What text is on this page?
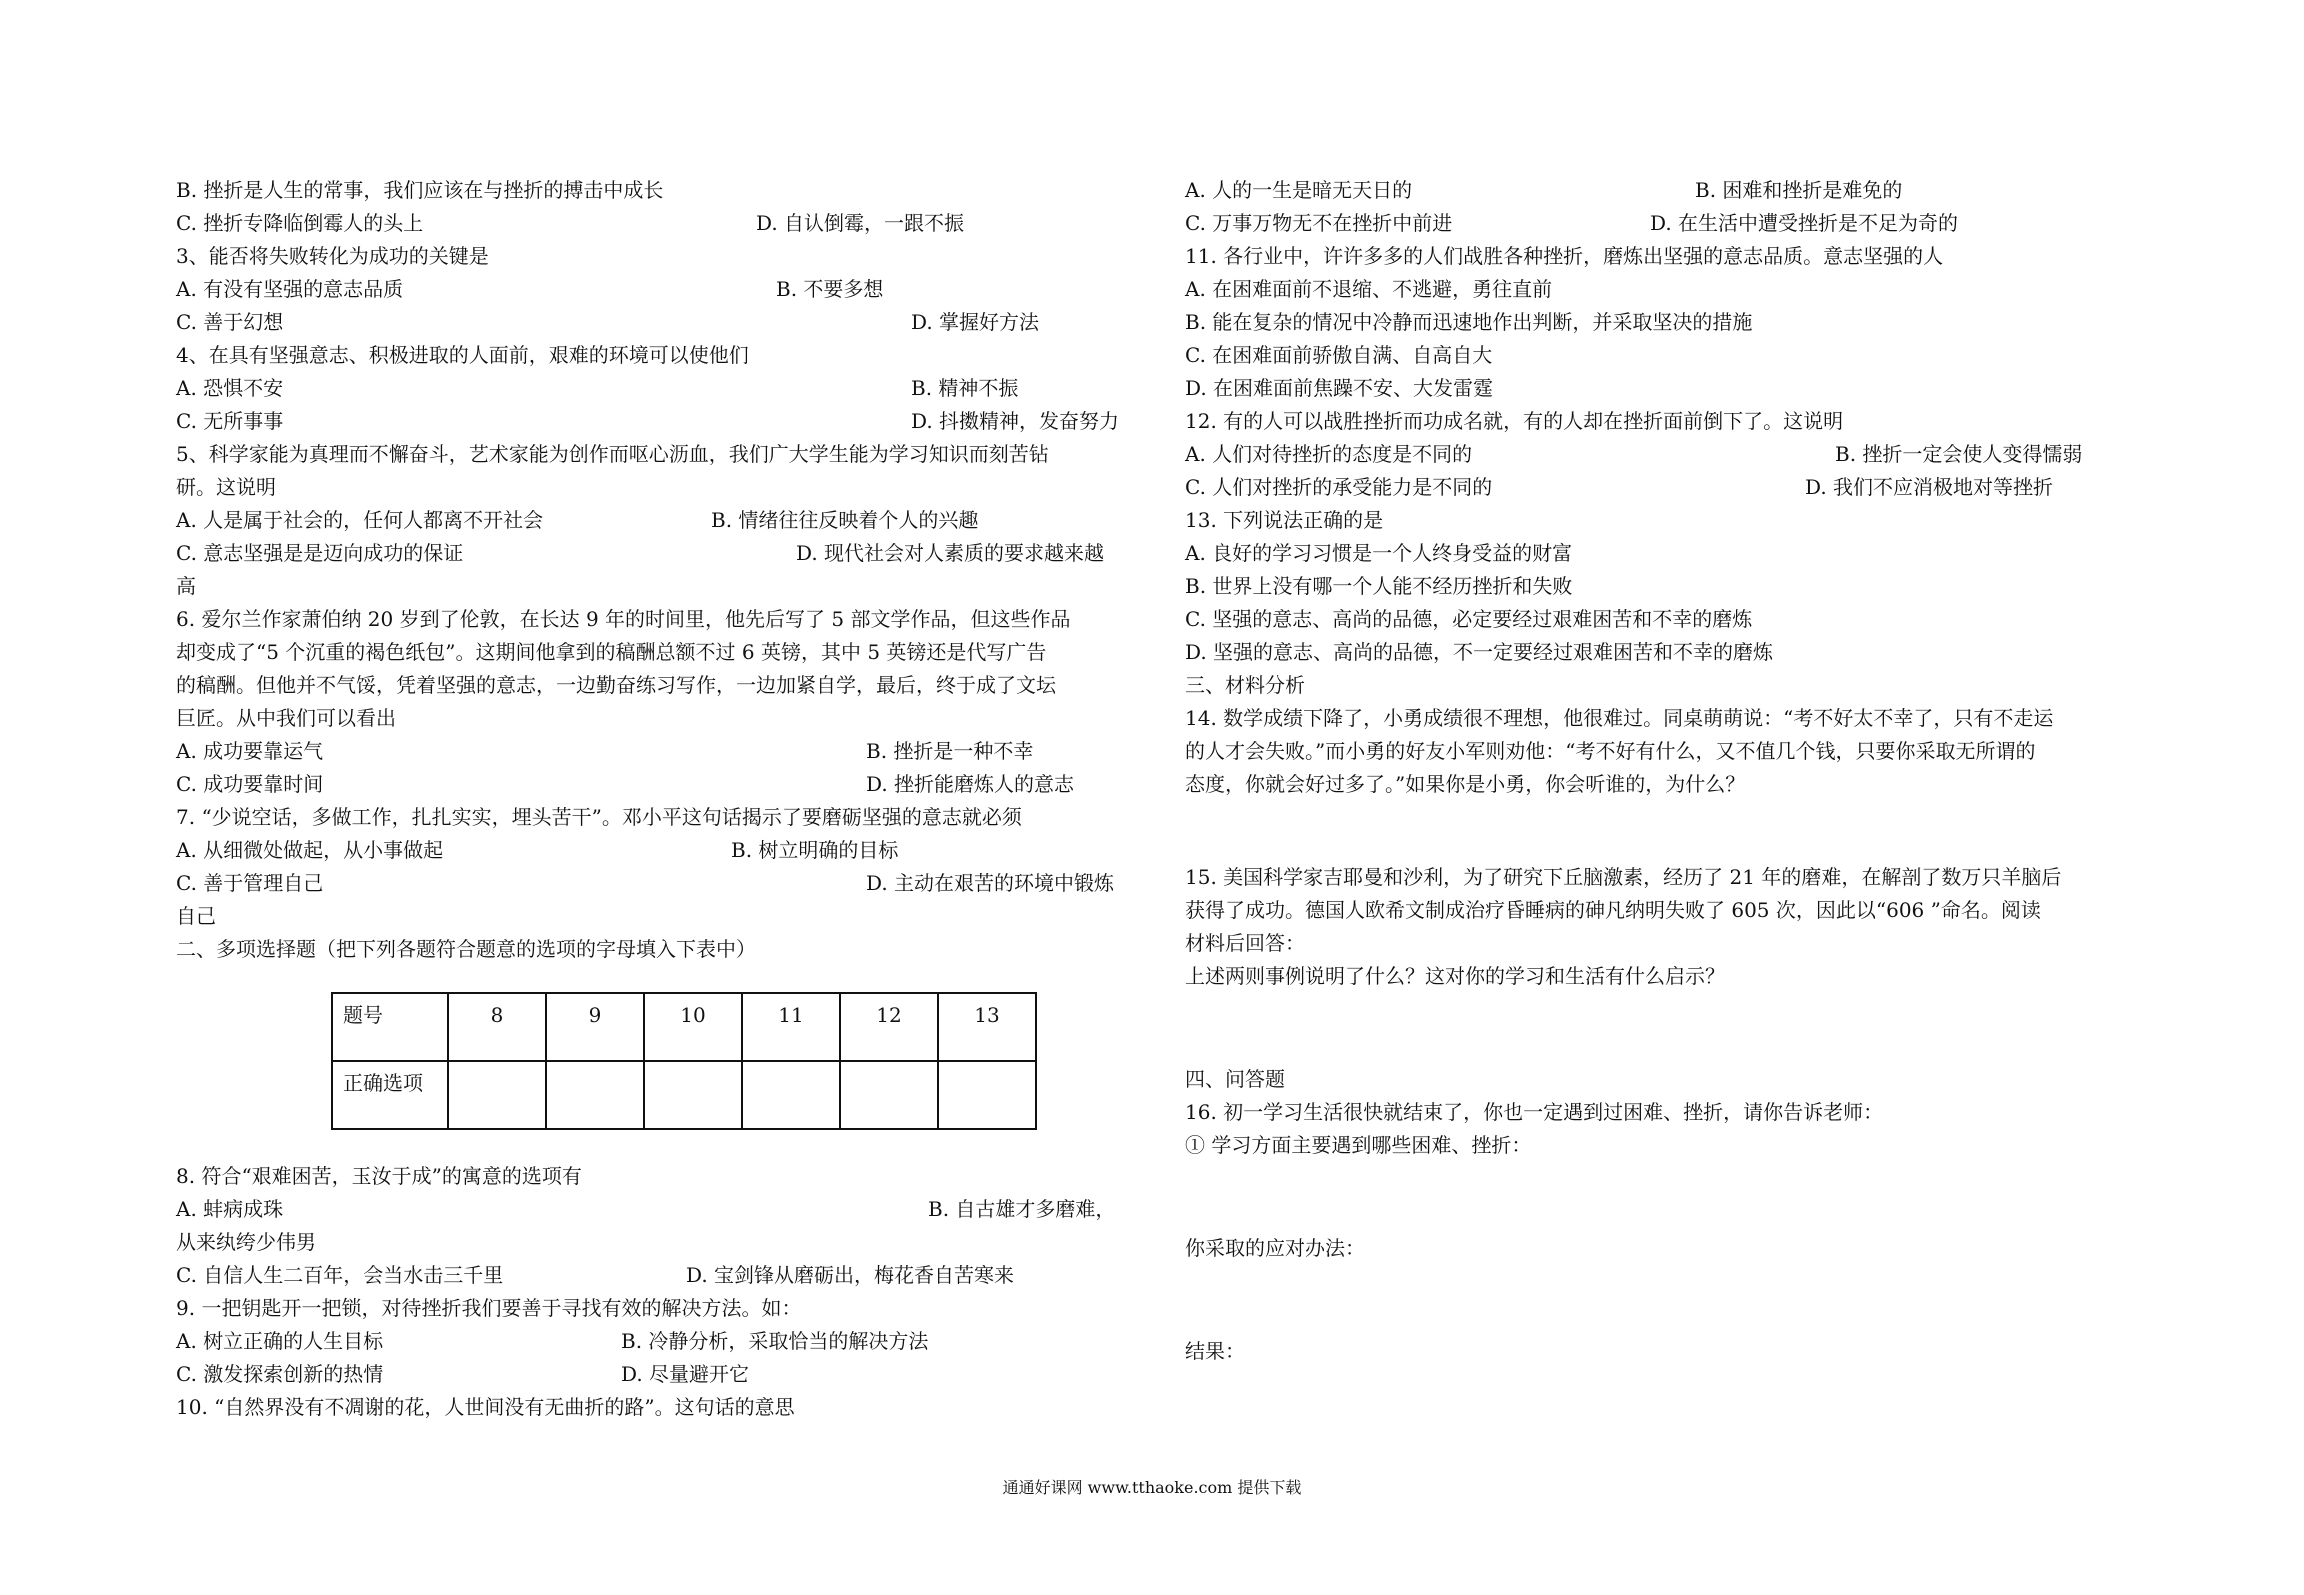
B. 挫折是人生的常事，我们应该在与挫折的搏击中成长
C. 挫折专降临倒霉人的头上	D. 自认倒霉，一跟不振
3、能否将失败转化为成功的关键是
A. 有没有坚强的意志品质	B. 不要多想
C. 善于幻想	D. 掌握好方法
4、在具有坚强意志、积极进取的人面前，艰难的环境可以使他们
A. 恐惧不安	B. 精神不振
C. 无所事事	D. 抖擞精神，发奋努力
5、科学家能为真理而不懈奋斗，艺术家能为创作而呕心沥血，我们广大学生能为学习知识而刻苦钻
研。这说明
A. 人是属于社会的，任何人都离不开社会	B. 情绪往往反映着个人的兴趣
C. 意志坚强是是迈向成功的保证	D. 现代社会对人素质的要求越来越
高
6. 爱尔兰作家萧伯纳 20 岁到了伦敦，在长达 9 年的时间里，他先后写了 5 部文学作品，但这些作品
却变成了“5 个沉重的褐色纸包”。这期间他拿到的稿酬总额不过 6 英镑，其中 5 英镑还是代写广告
的稿酬。但他并不气馁，凭着坚强的意志，一边勤奋练习写作，一边加紧自学，最后，终于成了文坛
巨匠。从中我们可以看出
A. 成功要靠运气	B. 挫折是一种不幸
C. 成功要靠时间	D. 挫折能磨炼人的意志
7. “少说空话，多做工作，扎扎实实，埋头苦干”。邓小平这句话揭示了要磨砺坚强的意志就必须
A. 从细微处做起，从小事做起	B. 树立明确的目标
C. 善于管理自己	D. 主动在艰苦的环境中锻炼
自己
二、多项选择题（把下列各题符合题意的选项的字母填入下表中）
题号	8	9	10	11	12	13
正确选项						
8. 符合“艰难困苦，玉汝于成”的寓意的选项有
A. 蚌病成珠	B. 自古雄才多磨难，
从来纨绔少伟男
C. 自信人生二百年，会当水击三千里	D. 宝剑锋从磨砺出，梅花香自苦寒来
9. 一把钥匙开一把锁，对待挫折我们要善于寻找有效的解决方法。如：
A. 树立正确的人生目标	B. 冷静分析，采取恰当的解决方法
C. 激发探索创新的热情	D. 尽量避开它
10. “自然界没有不凋谢的花，人世间没有无曲折的路”。这句话的意思
A. 人的一生是暗无天日的	B. 困难和挫折是难免的
C. 万事万物无不在挫折中前进	D. 在生活中遭受挫折是不足为奇的
11. 各行业中，许许多多的人们战胜各种挫折，磨炼出坚强的意志品质。意志坚强的人
A. 在困难面前不退缩、不逃避，勇往直前
B. 能在复杂的情况中冷静而迅速地作出判断，并采取坚决的措施
C. 在困难面前骄傲自满、自高自大
D. 在困难面前焦躁不安、大发雷霆
12. 有的人可以战胜挫折而功成名就，有的人却在挫折面前倒下了。这说明
A. 人们对待挫折的态度是不同的	B. 挫折一定会使人变得懦弱
C. 人们对挫折的承受能力是不同的	D. 我们不应消极地对等挫折
13. 下列说法正确的是
A. 良好的学习习惯是一个人终身受益的财富
B. 世界上没有哪一个人能不经历挫折和失败
C. 坚强的意志、高尚的品德，必定要经过艰难困苦和不幸的磨炼
D. 坚强的意志、高尚的品德，不一定要经过艰难困苦和不幸的磨炼
三、材料分析
14. 数学成绩下降了，小勇成绩很不理想，他很难过。同桌萌萌说：“考不好太不幸了，只有不走运
的人才会失败。”而小勇的好友小军则劝他：“考不好有什么，又不值几个钱，只要你采取无所谓的
态度，你就会好过多了。”如果你是小勇，你会听谁的，为什么？
15. 美国科学家吉耶曼和沙利，为了研究下丘脑激素，经历了 21 年的磨难，在解剖了数万只羊脑后
获得了成功。德国人欧希文制成治疗昏睡病的砷凡纳明失败了 605 次，因此以“606 ”命名。阅读
材料后回答：
上述两则事例说明了什么？这对你的学习和生活有什么启示？
四、问答题
16. 初一学习生活很快就结束了，你也一定遇到过困难、挫折，请你告诉老师：
① 学习方面主要遇到哪些困难、挫折：
你采取的应对办法：
结果：
通通好课网 www.tthaoke.com 提供下载
